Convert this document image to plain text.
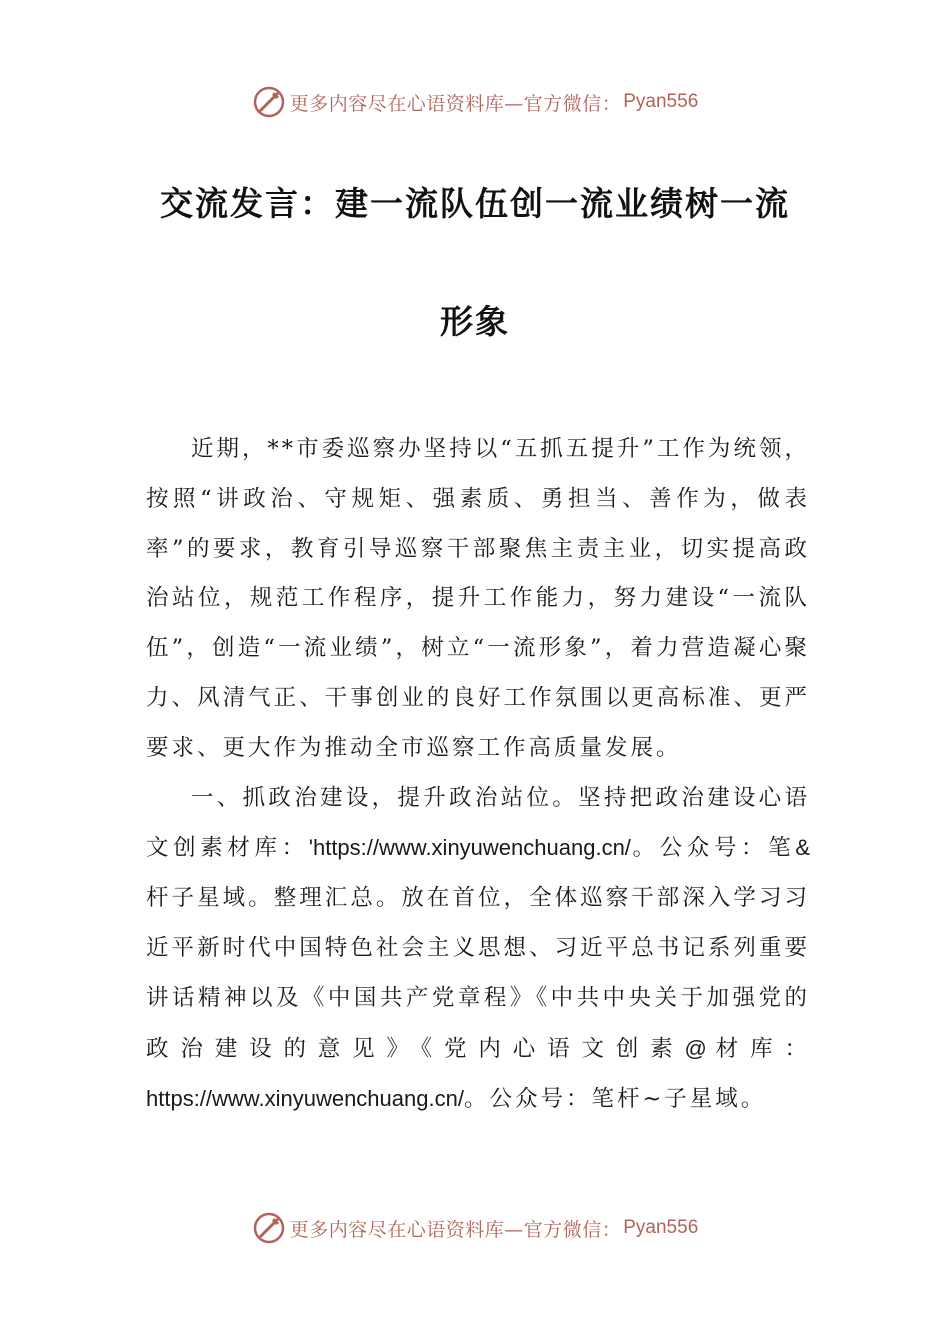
更多内容尽在心语资料库—官方微信： Pyan556
交流发言：建一流队伍创一流业绩树一流
形象

近期，**市委巡察办坚持以“五抓五提升”工作为统领，按照“讲政治、守规矩、强素质、勇担当、善作为，做表率”的要求，教育引导巡察干部聚焦主责主业，切实提高政治站位，规范工作程序，提升工作能力，努力建设“一流队伍”，创造“一流业绩”，树立“一流形象”，着力营造凝心聚力、风清气正、干事创业的良好工作氛围以更高标准、更严要求、更大作为推动全市巡察工作高质量发展。

一、抓政治建设，提升政治站位。坚持把政治建设心语文创素材库：'https://www.xinyuwenchuang.cn/。公众号：笔&杆子星域。整理汇总。放在首位，全体巡察干部深入学习习近平新时代中国特色社会主义思想、习近平总书记系列重要讲话精神以及《中国共产党章程》《中共中央关于加强党的政治建设的意见》《党内心语文创素@材库：https://www.xinyuwenchuang.cn/。公众号：笔杆~子星域。

更多内容尽在心语资料库—官方微信： Pyan556
